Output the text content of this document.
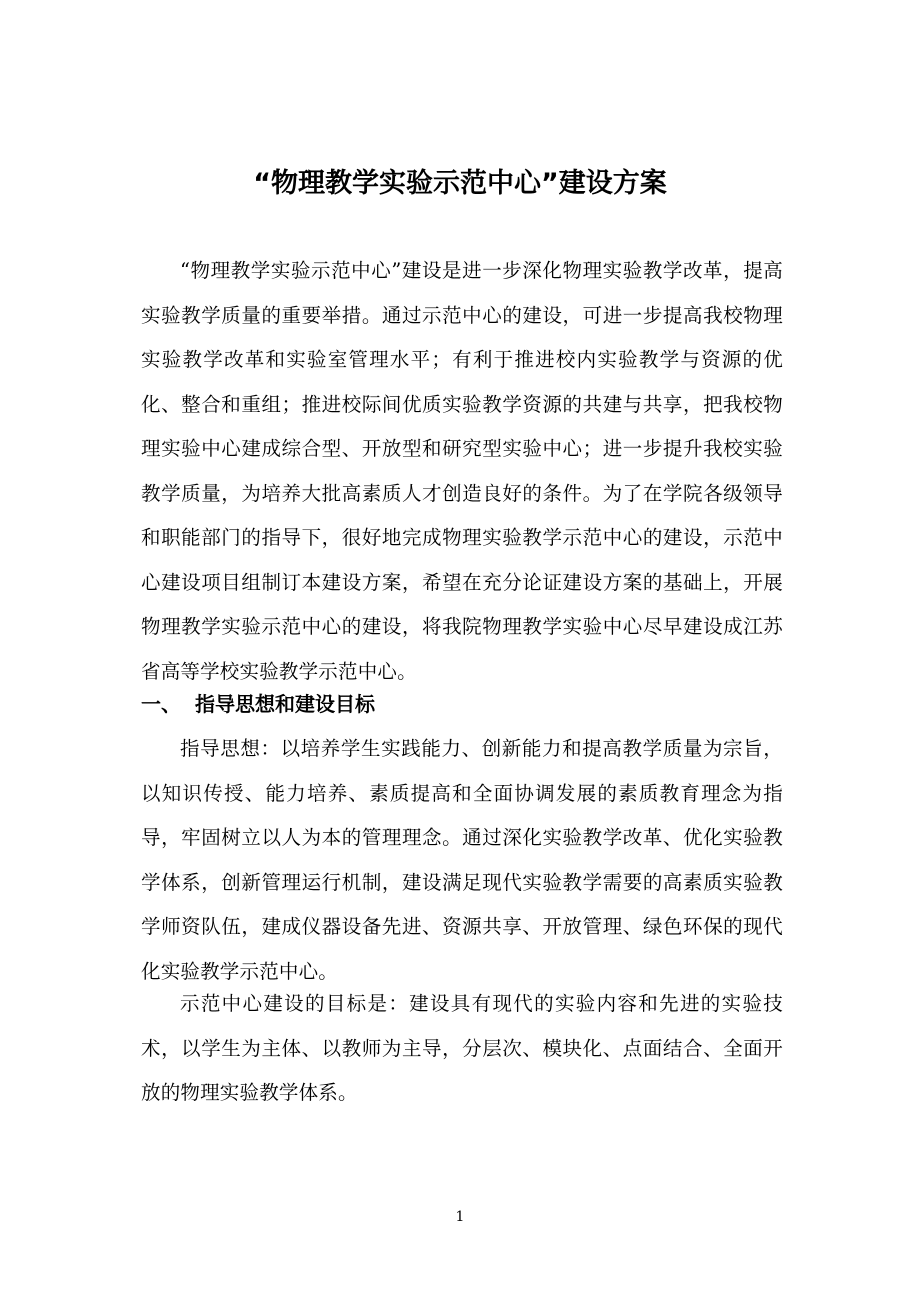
“物理教学实验示范中心”建设方案

“物理教学实验示范中心”建设是进一步深化物理实验教学改革，提高实验教学质量的重要举措。通过示范中心的建设，可进一步提高我校物理实验教学改革和实验室管理水平；有利于推进校内实验教学与资源的优化、整合和重组；推进校际间优质实验教学资源的共建与共享，把我校物理实验中心建成综合型、开放型和研究型实验中心；进一步提升我校实验教学质量，为培养大批高素质人才创造良好的条件。为了在学院各级领导和职能部门的指导下，很好地完成物理实验教学示范中心的建设，示范中心建设项目组制订本建设方案，希望在充分论证建设方案的基础上，开展物理教学实验示范中心的建设，将我院物理教学实验中心尽早建设成江苏省高等学校实验教学示范中心。

一、 指导思想和建设目标

指导思想：以培养学生实践能力、创新能力和提高教学质量为宗旨，以知识传授、能力培养、素质提高和全面协调发展的素质教育理念为指导，牢固树立以人为本的管理理念。通过深化实验教学改革、优化实验教学体系，创新管理运行机制，建设满足现代实验教学需要的高素质实验教学师资队伍，建成仪器设备先进、资源共享、开放管理、绿色环保的现代化实验教学示范中心。

示范中心建设的目标是：建设具有现代的实验内容和先进的实验技术，以学生为主体、以教师为主导，分层次、模块化、点面结合、全面开放的物理实验教学体系。

1
